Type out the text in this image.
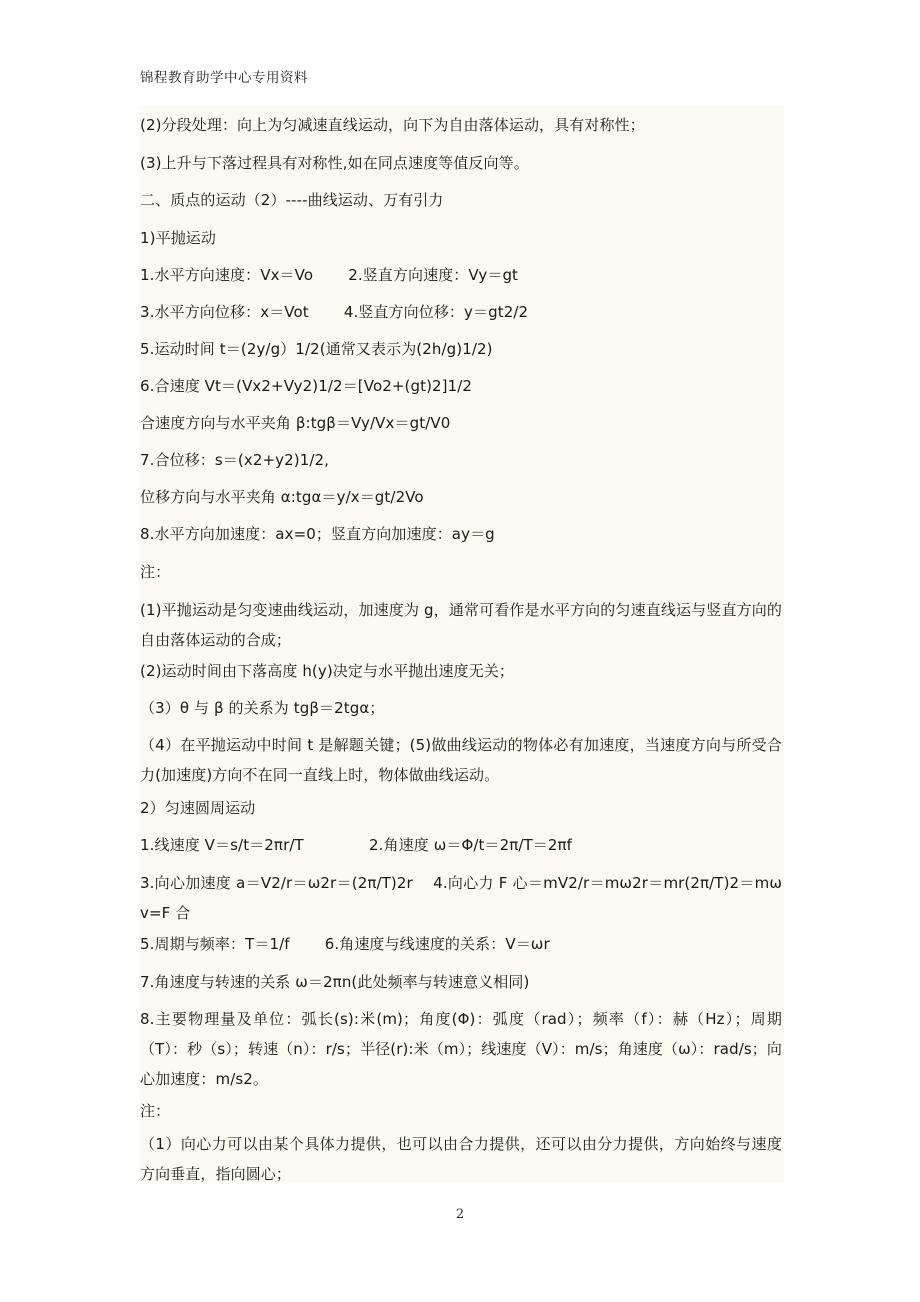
锦程教育助学中心专用资料
(2)分段处理：向上为匀减速直线运动，向下为自由落体运动，具有对称性；
(3)上升与下落过程具有对称性,如在同点速度等值反向等。
二、质点的运动（2）----曲线运动、万有引力
1)平抛运动
1.水平方向速度：Vx＝Vo　　 2.竖直方向速度：Vy＝gt
3.水平方向位移：x＝Vot　　 4.竖直方向位移：y＝gt2/2
5.运动时间 t＝(2y/g）1/2(通常又表示为(2h/g)1/2)
6.合速度 Vt＝(Vx2+Vy2)1/2＝[Vo2+(gt)2]1/2
合速度方向与水平夹角 β:tgβ＝Vy/Vx＝gt/V0
7.合位移：s＝(x2+y2)1/2,
位移方向与水平夹角 α:tgα＝y/x＝gt/2Vo
8.水平方向加速度：ax=0；竖直方向加速度：ay＝g
注：
(1)平抛运动是匀变速曲线运动，加速度为 g，通常可看作是水平方向的匀速直线运与竖直方向的自由落体运动的合成；
(2)运动时间由下落高度 h(y)决定与水平抛出速度无关；
（3）θ 与 β 的关系为 tgβ＝2tgα；
（4）在平抛运动中时间 t 是解题关键；(5)做曲线运动的物体必有加速度，当速度方向与所受合力(加速度)方向不在同一直线上时，物体做曲线运动。
2）匀速圆周运动
1.线速度 V＝s/t＝2πr/T　　　　 2.角速度 ω＝Φ/t＝2π/T＝2πf
3.向心加速度 a＝V2/r＝ω2r＝(2π/T)2r　 4.向心力 F 心＝mV2/r＝mω2r＝mr(2π/T)2＝mωv=F 合
5.周期与频率：T＝1/f　　 6.角速度与线速度的关系：V＝ωr
7.角速度与转速的关系 ω＝2πn(此处频率与转速意义相同)
8.主要物理量及单位：弧长(s):米(m)；角度(Φ)：弧度（rad）；频率（f）：赫（Hz）；周期（T）：秒（s）；转速（n）：r/s；半径(r):米（m）；线速度（V）：m/s；角速度（ω）：rad/s；向心加速度：m/s2。
注：
（1）向心力可以由某个具体力提供，也可以由合力提供，还可以由分力提供，方向始终与速度方向垂直，指向圆心；
2
